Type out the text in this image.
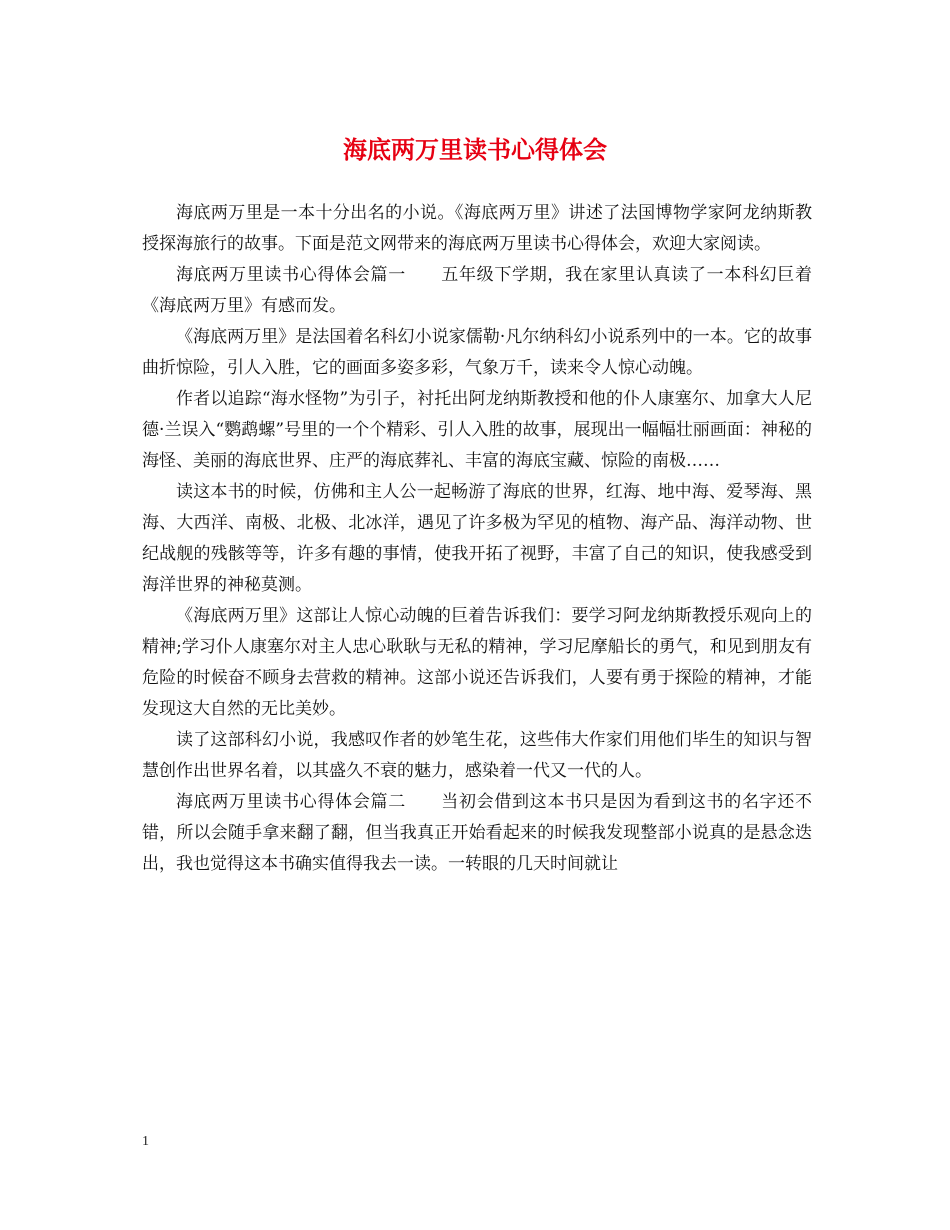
海底两万里读书心得体会

海底两万里是一本十分出名的小说。《海底两万里》讲述了法国博物学家阿龙纳斯教授探海旅行的故事。下面是范文网带来的海底两万里读书心得体会，欢迎大家阅读。

海底两万里读书心得体会篇一　　五年级下学期，我在家里认真读了一本科幻巨着《海底两万里》有感而发。

《海底两万里》是法国着名科幻小说家儒勒·凡尔纳科幻小说系列中的一本。它的故事曲折惊险，引人入胜，它的画面多姿多彩，气象万千，读来令人惊心动魄。

作者以追踪“海水怪物”为引子，衬托出阿龙纳斯教授和他的仆人康塞尔、加拿大人尼德·兰误入“鹦鹉螺”号里的一个个精彩、引人入胜的故事，展现出一幅幅壮丽画面：神秘的海怪、美丽的海底世界、庄严的海底葬礼、丰富的海底宝藏、惊险的南极……

读这本书的时候，仿佛和主人公一起畅游了海底的世界，红海、地中海、爱琴海、黑海、大西洋、南极、北极、北冰洋，遇见了许多极为罕见的植物、海产品、海洋动物、世纪战舰的残骸等等，许多有趣的事情，使我开拓了视野，丰富了自己的知识，使我感受到海洋世界的神秘莫测。

《海底两万里》这部让人惊心动魄的巨着告诉我们：要学习阿龙纳斯教授乐观向上的精神;学习仆人康塞尔对主人忠心耿耿与无私的精神，学习尼摩船长的勇气，和见到朋友有危险的时候奋不顾身去营救的精神。这部小说还告诉我们，人要有勇于探险的精神，才能发现这大自然的无比美妙。

读了这部科幻小说，我感叹作者的妙笔生花，这些伟大作家们用他们毕生的知识与智慧创作出世界名着，以其盛久不衰的魅力，感染着一代又一代的人。

海底两万里读书心得体会篇二　　当初会借到这本书只是因为看到这书的名字还不错，所以会随手拿来翻了翻，但当我真正开始看起来的时候我发现整部小说真的是悬念迭出，我也觉得这本书确实值得我去一读。一转眼的几天时间就让

1
